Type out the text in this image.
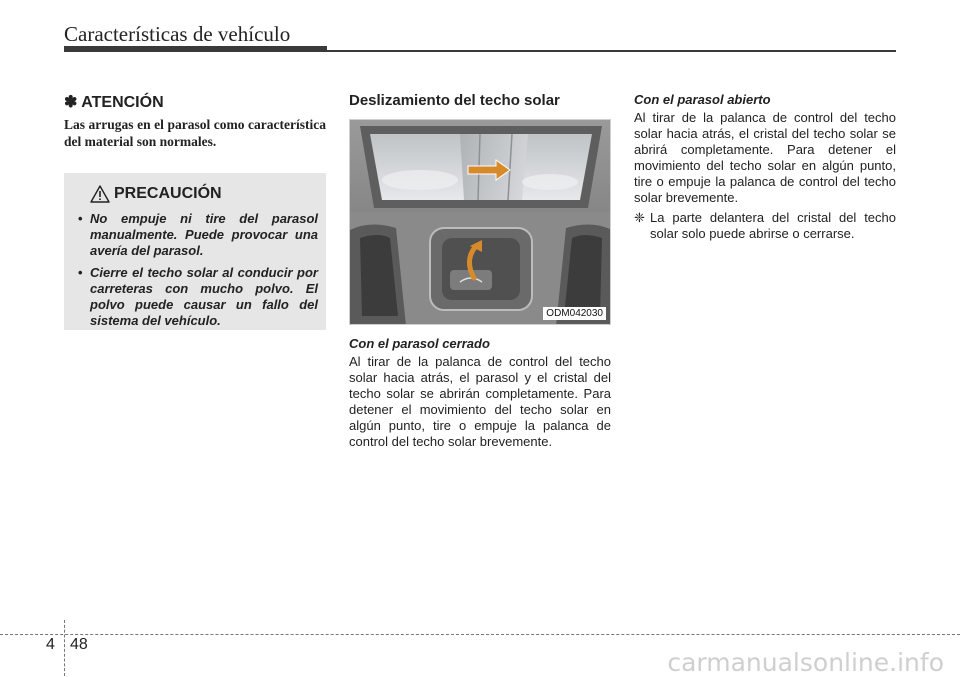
Características de vehículo
✽ ATENCIÓN

Las arrugas en el parasol como característica del material son normales.

PRECAUCIÓN
• No empuje ni tire del parasol manualmente. Puede provocar una avería del parasol.
• Cierre el techo solar al conducir por carreteras con mucho polvo. El polvo puede causar un fallo del sistema del vehículo.
Deslizamiento del techo solar
ODM042030
Con el parasol cerrado

Al tirar de la palanca de control del techo solar hacia atrás, el parasol y el cristal del techo solar se abrirán completamente. Para detener el movimiento del techo solar en algún punto, tire o empuje la palanca de control del techo solar brevemente.

Con el parasol abierto

Al tirar de la palanca de control del techo solar hacia atrás, el cristal del techo solar se abrirá completamente. Para detener el movimiento del techo solar en algún punto, tire o empuje la palanca de control del techo solar brevemente.

❈ La parte delantera del cristal del techo solar solo puede abrirse o cerrarse.

4 48
carmanualsonline.info
